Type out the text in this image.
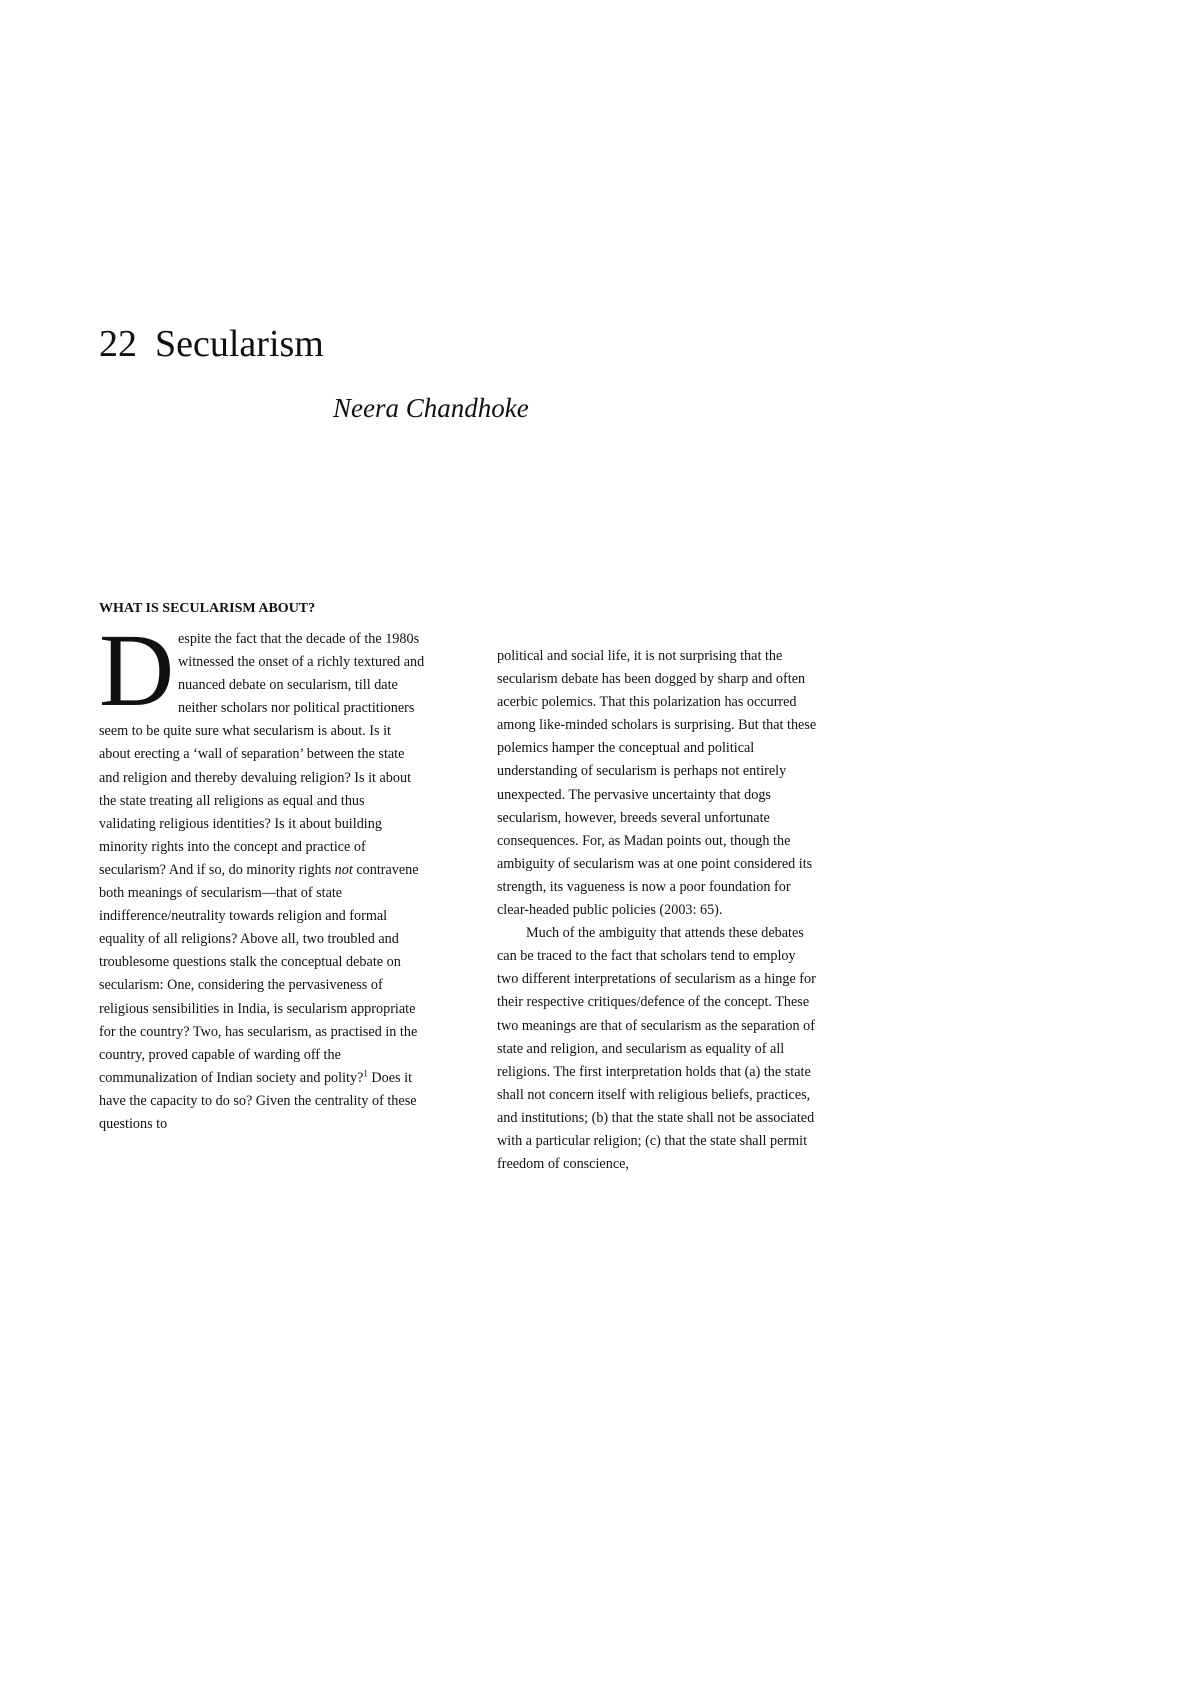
22 Secularism

Neera Chandhoke

WHAT IS SECULARISM ABOUT?
D espite the fact that the decade of the 1980s
witnessed the onset of a richly textured and
nuanced debate on secularism, till date
neither scholars nor political practitioners
seem to be quite sure what secularism is about. Is it
about erecting a ‘wall of separation’ between the state
and religion and thereby devaluing religion? Is it about
the state treating all religions as equal and thus
validating religious identities? Is it about building
minority rights into the concept and practice of
secularism? And if so, do minority rights not contravene
both meanings of secularism—that of state
indifference/neutrality towards religion and formal
equality of all religions? Above all, two troubled and
troublesome questions stalk the conceptual debate on
secularism: One, considering the pervasiveness of
religious sensibilities in India, is secularism appropriate
for the country? Two, has secularism, as practised in the
country, proved capable of warding off the
communalization of Indian society and polity?$^1$ Does it
have the capacity to do so? Given the centrality of these
questions to
political and social life, it is not surprising that the
secularism debate has been dogged by sharp and often
acerbic polemics. That this polarization has occurred
among like-minded scholars is surprising. But that these
polemics hamper the conceptual and political
understanding of secularism is perhaps not entirely
unexpected. The pervasive uncertainty that dogs
secularism, however, breeds several unfortunate
consequences. For, as Madan points out, though the
ambiguity of secularism was at one point considered its
strength, its vagueness is now a poor foundation for
clear-headed public policies (2003: 65).
Much of the ambiguity that attends these debates
can be traced to the fact that scholars tend to employ
two different interpretations of secularism as a hinge for
their respective critiques/defence of the concept. These
two meanings are that of secularism as the separation of
state and religion, and secularism as equality of all
religions. The first interpretation holds that (a) the state
shall not concern itself with religious beliefs, practices,
and institutions; (b) that the state shall not be associated
with a particular religion; (c) that the state shall permit
freedom of conscience,
